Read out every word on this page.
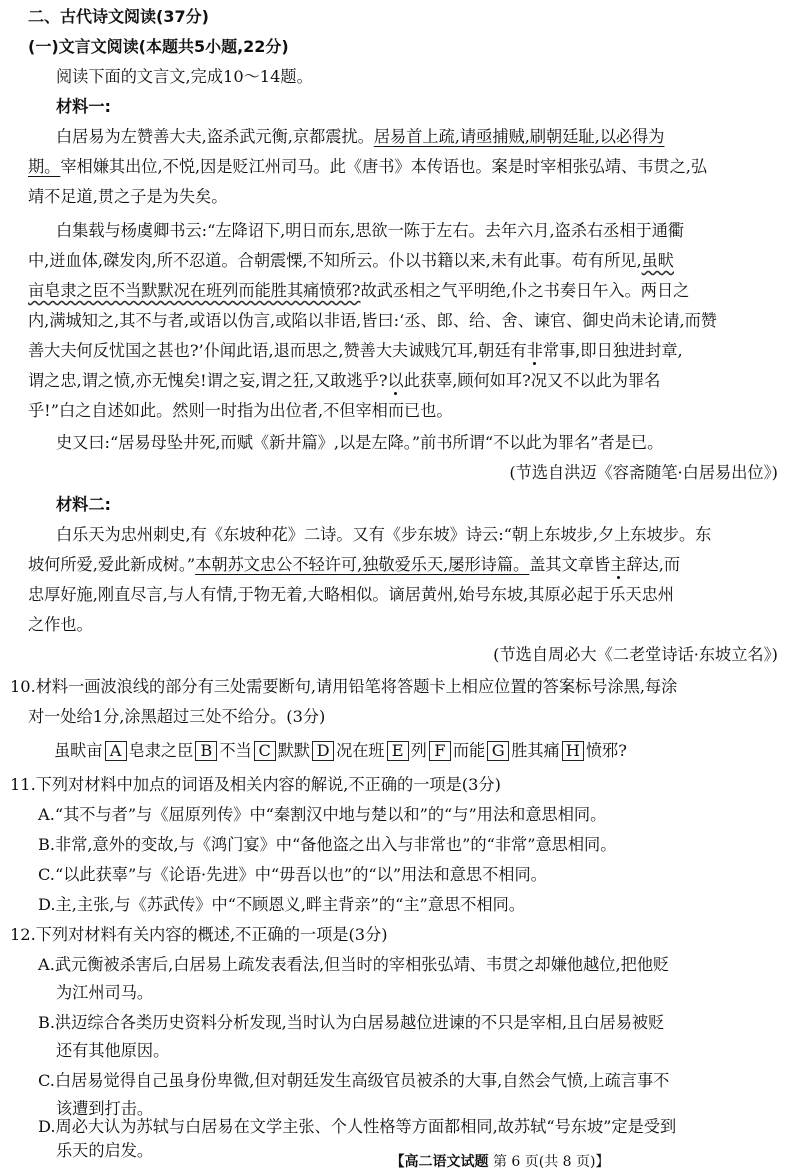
二、古代诗文阅读(37分)
(一)文言文阅读(本题共5小题,22分)
阅读下面的文言文,完成10～14题。
材料一:
白居易为左赞善大夫,盗杀武元衡,京都震扰。居易首上疏,请亟捕贼,刷朝廷耻,以必得为
期。宰相嫌其出位,不悦,因是贬江州司马。此《唐书》本传语也。案是时宰相张弘靖、韦贯之,弘
靖不足道,贯之子是为失矣。
白集载与杨虞卿书云:“左降诏下,明日而东,思欲一陈于左右。去年六月,盗杀右丞相于通衢
中,迸血体,磔发肉,所不忍道。合朝震慄,不知所云。仆以书籍以来,未有此事。苟有所见,虽畎
亩皂隶之臣不当默默况在班列而能胜其痛愤邪?故武丞相之气平明绝,仆之书奏日午入。两日之
内,满城知之,其不与者,或语以伪言,或陷以非语,皆曰:‘丞、郎、给、舍、谏官、御史尚未论请,而赞
善大夫何反忧国之甚也?’仆闻此语,退而思之,赞善大夫诚贱冗耳,朝廷有非常事,即日独进封章,
谓之忠,谓之愤,亦无愧矣!谓之妄,谓之狂,又敢逃乎?以此获辜,顾何如耳?况又不以此为罪名
乎!”白之自述如此。然则一时指为出位者,不但宰相而已也。
史又曰:“居易母坠井死,而赋《新井篇》,以是左降。”前书所谓“不以此为罪名”者是已。
(节选自洪迈《容斋随笔·白居易出位》)
材料二:
白乐天为忠州刺史,有《东坡种花》二诗。又有《步东坡》诗云:“朝上东坡步,夕上东坡步。东
坡何所爱,爱此新成树。”本朝苏文忠公不轻许可,独敬爱乐天,屡形诗篇。盖其文章皆主辞达,而
忠厚好施,刚直尽言,与人有情,于物无着,大略相似。谪居黄州,始号东坡,其原必起于乐天忠州
之作也。
(节选自周必大《二老堂诗话·东坡立名》)
10.材料一画波浪线的部分有三处需要断句,请用铅笔将答题卡上相应位置的答案标号涂黑,每涂
对一处给1分,涂黑超过三处不给分。(3分)
虽畎亩 A 皂隶之臣 B 不当 C 默默 D 况在班 E 列 F 而能 G 胜其痛 H 愤邪?
11.下列对材料中加点的词语及相关内容的解说,不正确的一项是(3分)
A.“其不与者”与《屈原列传》中“秦割汉中地与楚以和”的“与”用法和意思相同。
B.非常,意外的变故,与《鸿门宴》中“备他盗之出入与非常也”的“非常”意思相同。
C.“以此获辜”与《论语·先进》中“毋吾以也”的“以”用法和意思不相同。
D.主,主张,与《苏武传》中“不顾恩义,畔主背亲”的“主”意思不相同。
12.下列对材料有关内容的概述,不正确的一项是(3分)
A.武元衡被杀害后,白居易上疏发表看法,但当时的宰相张弘靖、韦贯之却嫌他越位,把他贬
为江州司马。
B.洪迈综合各类历史资料分析发现,当时认为白居易越位进谏的不只是宰相,且白居易被贬
还有其他原因。
C.白居易觉得自己虽身份卑微,但对朝廷发生高级官员被杀的大事,自然会气愤,上疏言事不
该遭到打击。
【高二语文试题 第 6 页(共 8 页)】
D.周必大认为苏轼与白居易在文学主张、个人性格等方面都相同,故苏轼“号东坡”定是受到
乐天的启发。
